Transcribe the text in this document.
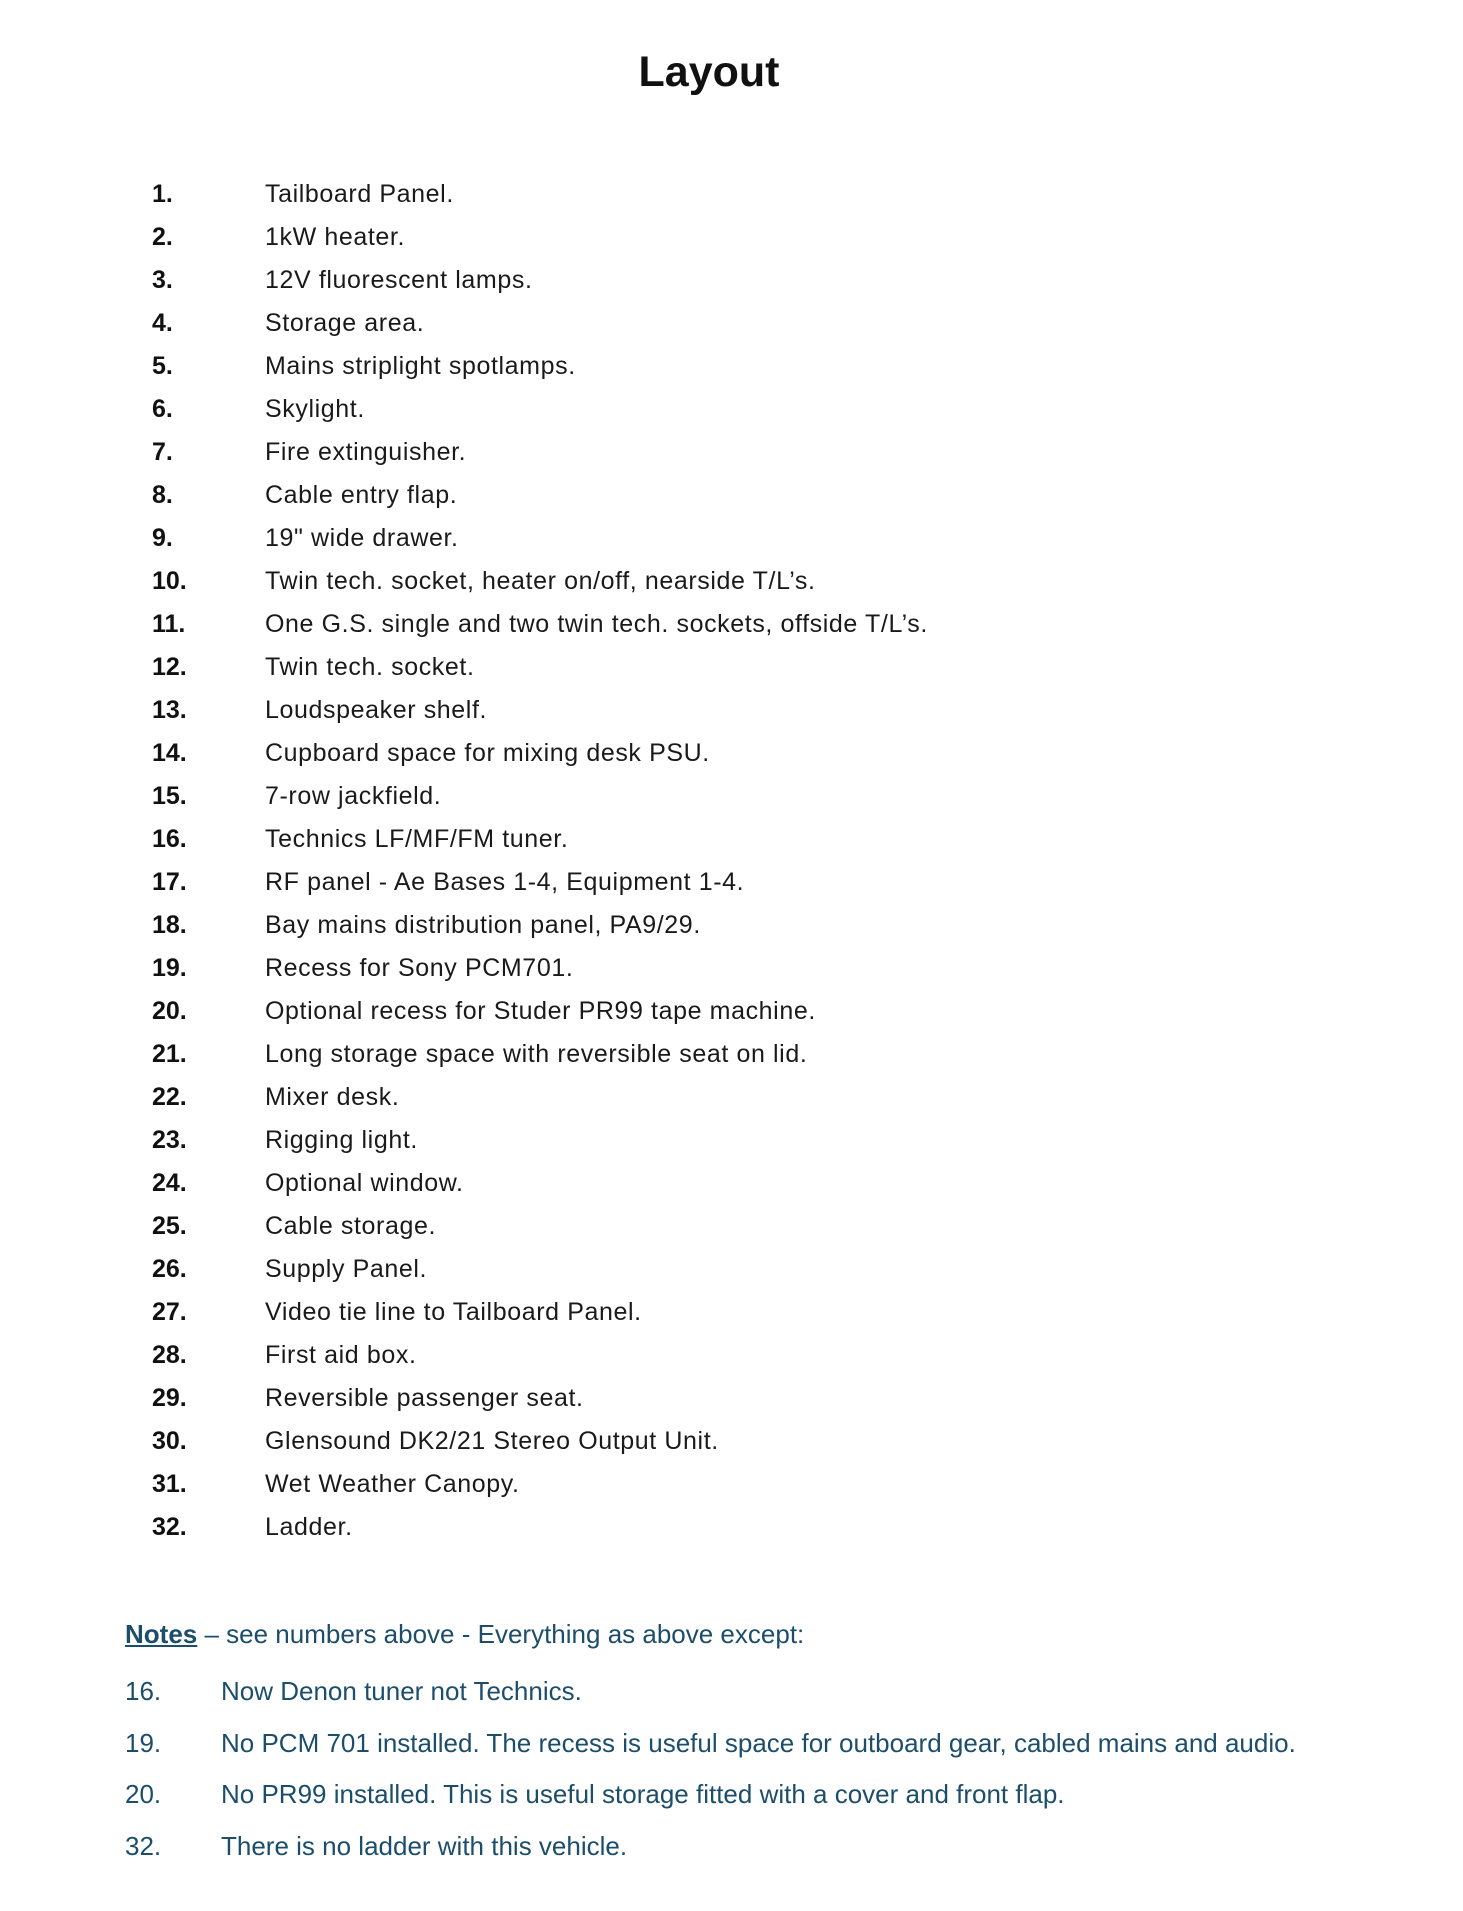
Layout
1.	Tailboard Panel.
2.	1kW heater.
3.	12V fluorescent lamps.
4.	Storage area.
5.	Mains striplight spotlamps.
6.	Skylight.
7.	Fire extinguisher.
8.	Cable entry flap.
9.	19" wide drawer.
10.	Twin tech. socket, heater on/off, nearside T/L’s.
11.	One G.S. single and two twin tech. sockets, offside T/L’s.
12.	Twin tech. socket.
13.	Loudspeaker shelf.
14.	Cupboard space for mixing desk PSU.
15.	7-row jackfield.
16.	Technics LF/MF/FM tuner.
17.	RF panel - Ae Bases 1-4, Equipment 1-4.
18.	Bay mains distribution panel, PA9/29.
19.	Recess for Sony PCM701.
20.	Optional recess for Studer PR99 tape machine.
21.	Long storage space with reversible seat on lid.
22.	Mixer desk.
23.	Rigging light.
24.	Optional window.
25.	Cable storage.
26.	Supply Panel.
27.	Video tie line to Tailboard Panel.
28.	First aid box.
29.	Reversible passenger seat.
30.	Glensound DK2/21 Stereo Output Unit.
31.	Wet Weather Canopy.
32.	Ladder.
Notes – see numbers above - Everything as above except:
16. Now Denon tuner not Technics.
19. No PCM 701 installed. The recess is useful space for outboard gear, cabled mains and audio.
20. No PR99 installed. This is useful storage fitted with a cover and front flap.
32. There is no ladder with this vehicle.
